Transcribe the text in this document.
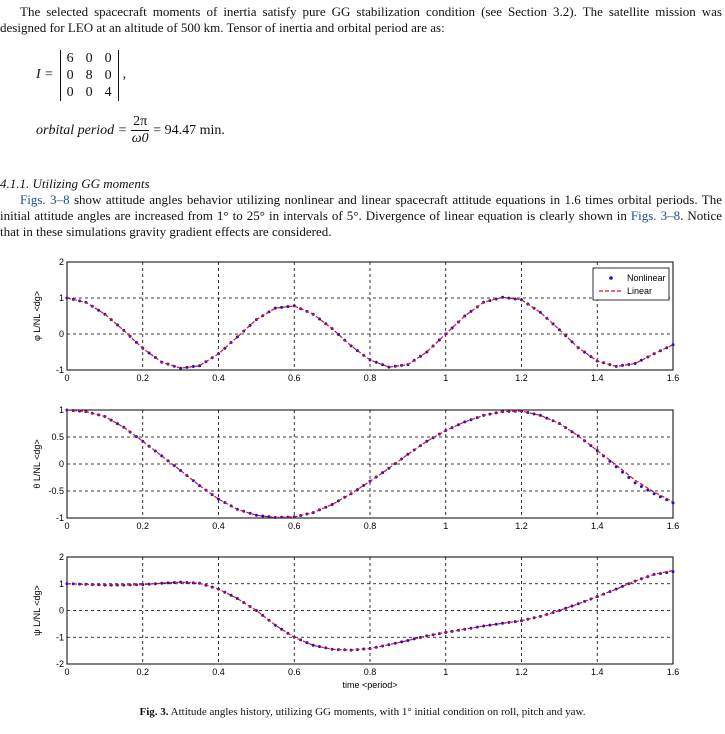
The selected spacecraft moments of inertia satisfy pure GG stabilization condition (see Section 3.2). The satellite mission was designed for LEO at an altitude of 500 km. Tensor of inertia and orbital period are as:

I =
6	0	0
0	8	0
0	0	4
,
orbital period = $\frac{2\pi}{\omega 0} = 94.47$ min.

4.1.1. Utilizing GG moments

Figs. 3–8 show attitude angles behavior utilizing nonlinear and linear spacecraft attitude equations in 1.6 times orbital periods. The initial attitude angles are increased from 1° to 25° in intervals of 5°. Divergence of linear equation is clearly shown in Figs. 3–8. Notice that in these simulations gravity gradient effects are considered.

0	0.2	0.4	0.6	0.8	1	1.2	1.4	1.6
-1
0
1
2
φ L/NL <dg>
Nonlinear
Linear
0	0.2	0.4	0.6	0.8	1	1.2	1.4	1.6
-1
-0.5
0
0.5
1
θ L/NL <dg>
0	0.2	0.4	0.6	0.8	1	1.2	1.4	1.6
-2
-1
0
1
2
ψ L/NL <dg>
time <period>
Fig. 3. Attitude angles history, utilizing GG moments, with 1° initial condition on roll, pitch and yaw.
